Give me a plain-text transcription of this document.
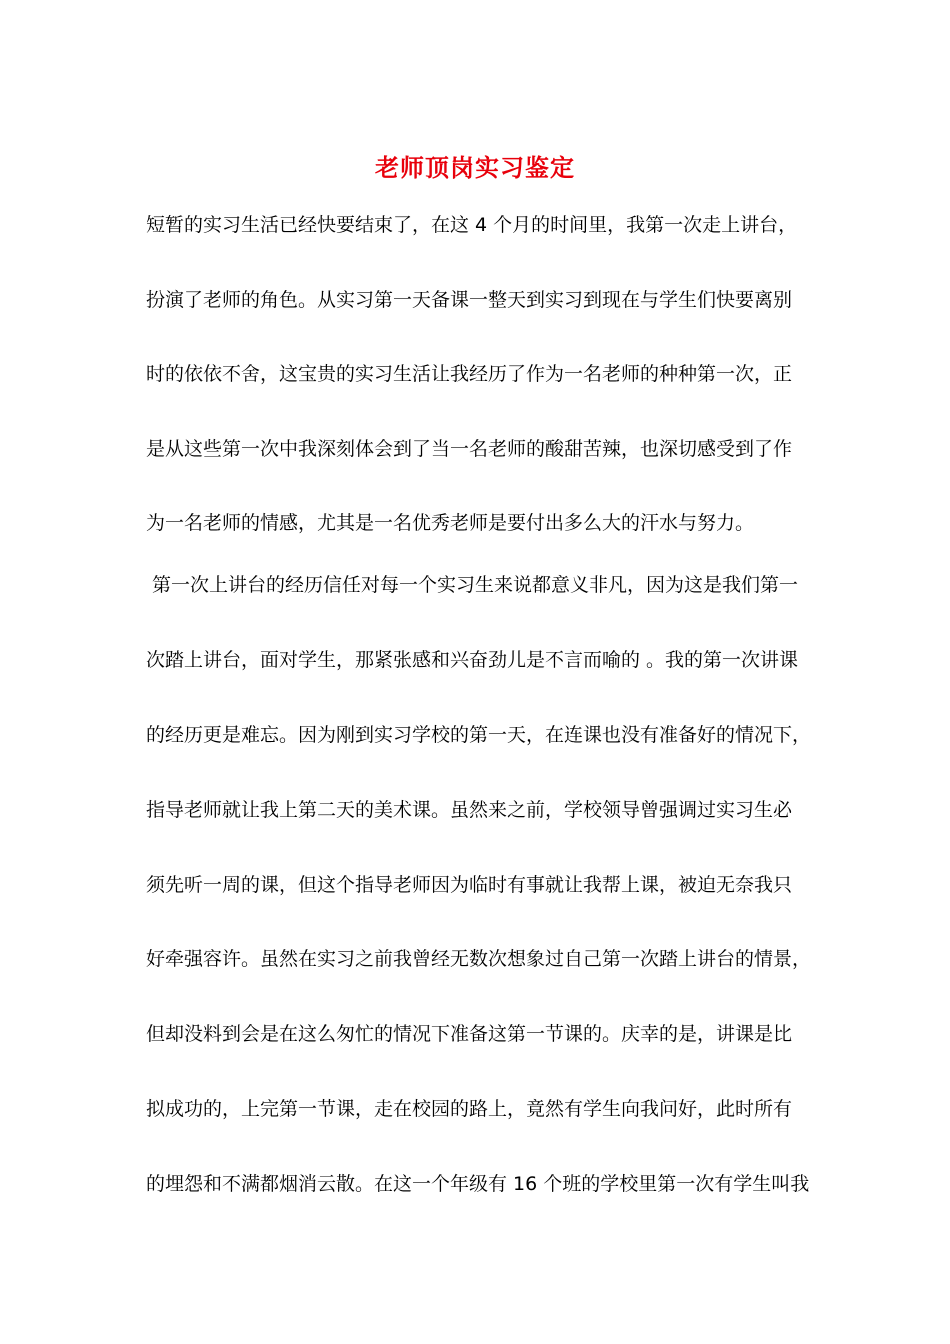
老师顶岗实习鉴定
短暂的实习生活已经快要结束了，在这 4 个月的时间里，我第一次走上讲台，
扮演了老师的角色。从实习第一天备课一整天到实习到现在与学生们快要离别
时的依依不舍，这宝贵的实习生活让我经历了作为一名老师的种种第一次，正
是从这些第一次中我深刻体会到了当一名老师的酸甜苦辣，也深切感受到了作
为一名老师的情感，尤其是一名优秀老师是要付出多么大的汗水与努力。
第一次上讲台的经历信任对每一个实习生来说都意义非凡，因为这是我们第一
次踏上讲台，面对学生，那紧张感和兴奋劲儿是不言而喻的 。我的第一次讲课
的经历更是难忘。因为刚到实习学校的第一天，在连课也没有准备好的情况下，
指导老师就让我上第二天的美术课。虽然来之前，学校领导曾强调过实习生必
须先听一周的课，但这个指导老师因为临时有事就让我帮上课，被迫无奈我只
好牵强容许。虽然在实习之前我曾经无数次想象过自己第一次踏上讲台的情景，
但却没料到会是在这么匆忙的情况下准备这第一节课的。庆幸的是，讲课是比
拟成功的，上完第一节课，走在校园的路上，竟然有学生向我问好，此时所有
的埋怨和不满都烟消云散。在这一个年级有 16 个班的学校里第一次有学生叫我
